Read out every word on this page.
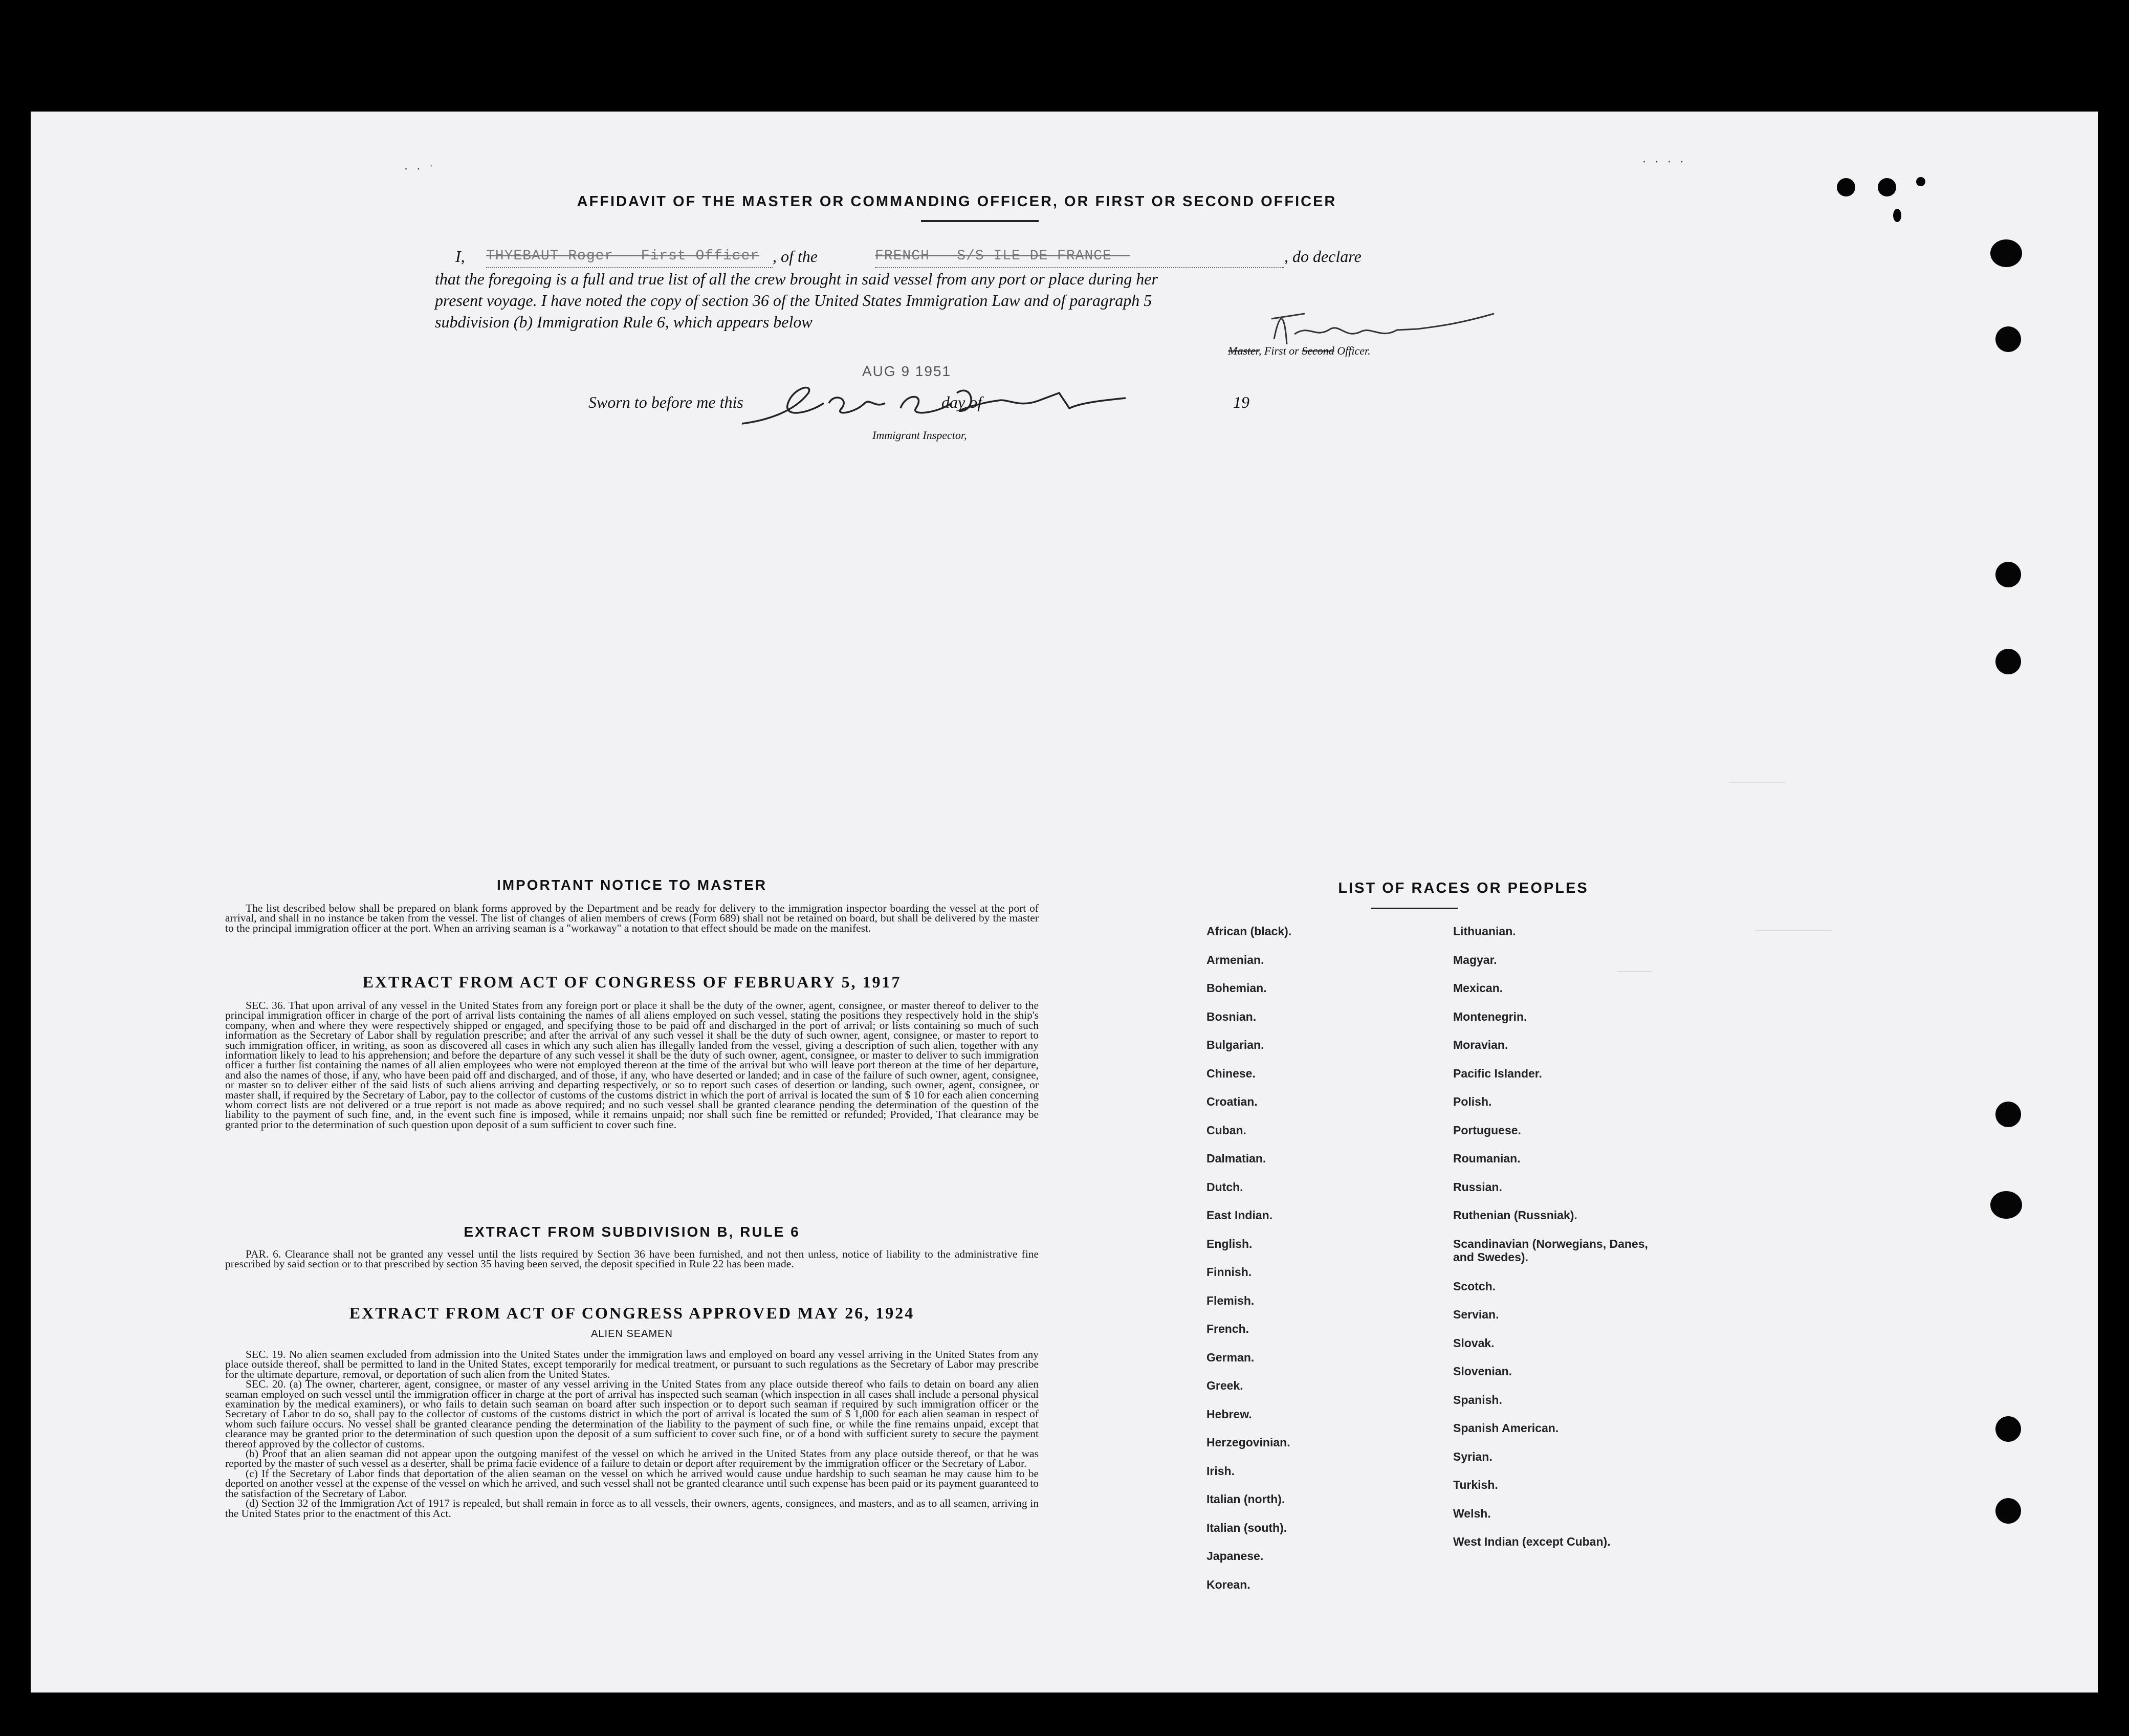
‧ ‧ ˙
‧ ‧ ‧ ‧
AFFIDAVIT OF THE MASTER OR COMMANDING OFFICER, OR FIRST OR SECOND OFFICER
I,	THYEBAUT Roger - First Officer , of the	FRENCH - S/S ILE DE FRANCE -	, do declare
that the foregoing is a full and true list of all the crew brought in said vessel from any port or place during her
present voyage. I have noted the copy of section 36 of the United States Immigration Law and of paragraph 5
subdivision (b) Immigration Rule 6, which appears below
Master, First or Second Officer.
AUG 9 1951
Sworn to before me this	day of	19
Immigrant Inspector,
IMPORTANT NOTICE TO MASTER

The list described below shall be prepared on blank forms approved by the Department and be ready for delivery to the immigration inspector boarding the vessel at the port of arrival, and shall in no instance be taken from the vessel. The list of changes of alien members of crews (Form 689) shall not be retained on board, but shall be delivered by the master to the principal immigration officer at the port. When an arriving seaman is a "workaway" a notation to that effect should be made on the manifest.

EXTRACT FROM ACT OF CONGRESS OF FEBRUARY 5, 1917

SEC. 36. That upon arrival of any vessel in the United States from any foreign port or place it shall be the duty of the owner, agent, consignee, or master thereof to deliver to the principal immigration officer in charge of the port of arrival lists containing the names of all aliens employed on such vessel, stating the positions they respectively hold in the ship's company, when and where they were respectively shipped or engaged, and specifying those to be paid off and discharged in the port of arrival; or lists containing so much of such information as the Secretary of Labor shall by regulation prescribe; and after the arrival of any such vessel it shall be the duty of such owner, agent, consignee, or master to report to such immigration officer, in writing, as soon as discovered all cases in which any such alien has illegally landed from the vessel, giving a description of such alien, together with any information likely to lead to his apprehension; and before the departure of any such vessel it shall be the duty of such owner, agent, consignee, or master to deliver to such immigration officer a further list containing the names of all alien employees who were not employed thereon at the time of the arrival but who will leave port thereon at the time of her departure, and also the names of those, if any, who have been paid off and discharged, and of those, if any, who have deserted or landed; and in case of the failure of such owner, agent, consignee, or master so to deliver either of the said lists of such aliens arriving and departing respectively, or so to report such cases of desertion or landing, such owner, agent, consignee, or master shall, if required by the Secretary of Labor, pay to the collector of customs of the customs district in which the port of arrival is located the sum of $ 10 for each alien concerning whom correct lists are not delivered or a true report is not made as above required; and no such vessel shall be granted clearance pending the determination of the question of the liability to the payment of such fine, and, in the event such fine is imposed, while it remains unpaid; nor shall such fine be remitted or refunded; Provided, That clearance may be granted prior to the determination of such question upon deposit of a sum sufficient to cover such fine.

EXTRACT FROM SUBDIVISION B, RULE 6

PAR. 6. Clearance shall not be granted any vessel until the lists required by Section 36 have been furnished, and not then unless, notice of liability to the administrative fine prescribed by said section or to that prescribed by section 35 having been served, the deposit specified in Rule 22 has been made.

EXTRACT FROM ACT OF CONGRESS APPROVED MAY 26, 1924
ALIEN SEAMEN

SEC. 19. No alien seamen excluded from admission into the United States under the immigration laws and employed on board any vessel arriving in the United States from any place outside thereof, shall be permitted to land in the United States, except temporarily for medical treatment, or pursuant to such regulations as the Secretary of Labor may prescribe for the ultimate departure, removal, or deportation of such alien from the United States.

SEC. 20. (a) The owner, charterer, agent, consignee, or master of any vessel arriving in the United States from any place outside thereof who fails to detain on board any alien seaman employed on such vessel until the immigration officer in charge at the port of arrival has inspected such seaman (which inspection in all cases shall include a personal physical examination by the medical examiners), or who fails to detain such seaman on board after such inspection or to deport such seaman if required by such immigration officer or the Secretary of Labor to do so, shall pay to the collector of customs of the customs district in which the port of arrival is located the sum of $ 1,000 for each alien seaman in respect of whom such failure occurs. No vessel shall be granted clearance pending the determination of the liability to the payment of such fine, or while the fine remains unpaid, except that clearance may be granted prior to the determination of such question upon the deposit of a sum sufficient to cover such fine, or of a bond with sufficient surety to secure the payment thereof approved by the collector of customs.

(b) Proof that an alien seaman did not appear upon the outgoing manifest of the vessel on which he arrived in the United States from any place outside thereof, or that he was reported by the master of such vessel as a deserter, shall be prima facie evidence of a failure to detain or deport after requirement by the immigration officer or the Secretary of Labor.

(c) If the Secretary of Labor finds that deportation of the alien seaman on the vessel on which he arrived would cause undue hardship to such seaman he may cause him to be deported on another vessel at the expense of the vessel on which he arrived, and such vessel shall not be granted clearance until such expense has been paid or its payment guaranteed to the satisfaction of the Secretary of Labor.

(d) Section 32 of the Immigration Act of 1917 is repealed, but shall remain in force as to all vessels, their owners, agents, consignees, and masters, and as to all seamen, arriving in the United States prior to the enactment of this Act.

LIST OF RACES OR PEOPLES
African (black).
Armenian.
Bohemian.
Bosnian.
Bulgarian.
Chinese.
Croatian.
Cuban.
Dalmatian.
Dutch.
East Indian.
English.
Finnish.
Flemish.
French.
German.
Greek.
Hebrew.
Herzegovinian.
Irish.
Italian (north).
Italian (south).
Japanese.
Korean.
Lithuanian.
Magyar.
Mexican.
Montenegrin.
Moravian.
Pacific Islander.
Polish.
Portuguese.
Roumanian.
Russian.
Ruthenian (Russniak).
Scandinavian (Norwegians, Danes, and Swedes).
Scotch.
Servian.
Slovak.
Slovenian.
Spanish.
Spanish American.
Syrian.
Turkish.
Welsh.
West Indian (except Cuban).
